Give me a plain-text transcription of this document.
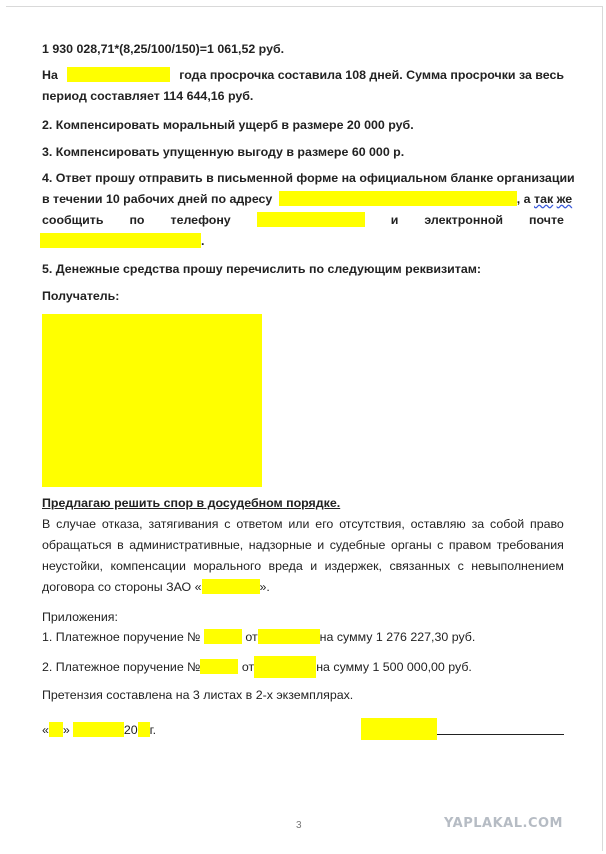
1 930 028,71*(8,25/100/150)=1 061,52 руб.
На	года просрочка составила 108 дней. Сумма просрочки за весь
период составляет 114 644,16 руб.
2. Компенсировать моральный ущерб в размере 20 000 руб.
3. Компенсировать упущенную выгоду в размере 60 000 р.
4. Ответ прошу отправить в письменной форме на официальном бланке организации
в течении 10 рабочих дней по адресу	, а так же
сообщить по телефону	и электронной почте
.
5. Денежные средства прошу перечислить по следующим реквизитам:
Получатель:
Предлагаю решить спор в досудебном порядке.
В случае отказа, затягивания с ответом или его отсутствия, оставляю за собой право
обращаться в административные, надзорные и судебные органы с правом требования
неустойки, компенсации морального вреда и издержек, связанных с невыполнением
договора со стороны ЗАО «	».
Приложения:
1. Платежное поручение №	от	на сумму 1 276 227,30 руб.
2. Платежное поручение №	от	на сумму 1 500 000,00 руб.
Претензия составлена на 3 листах в 2-х экземплярах.
« »	20 г.
3	YAPLAKAL.COM
